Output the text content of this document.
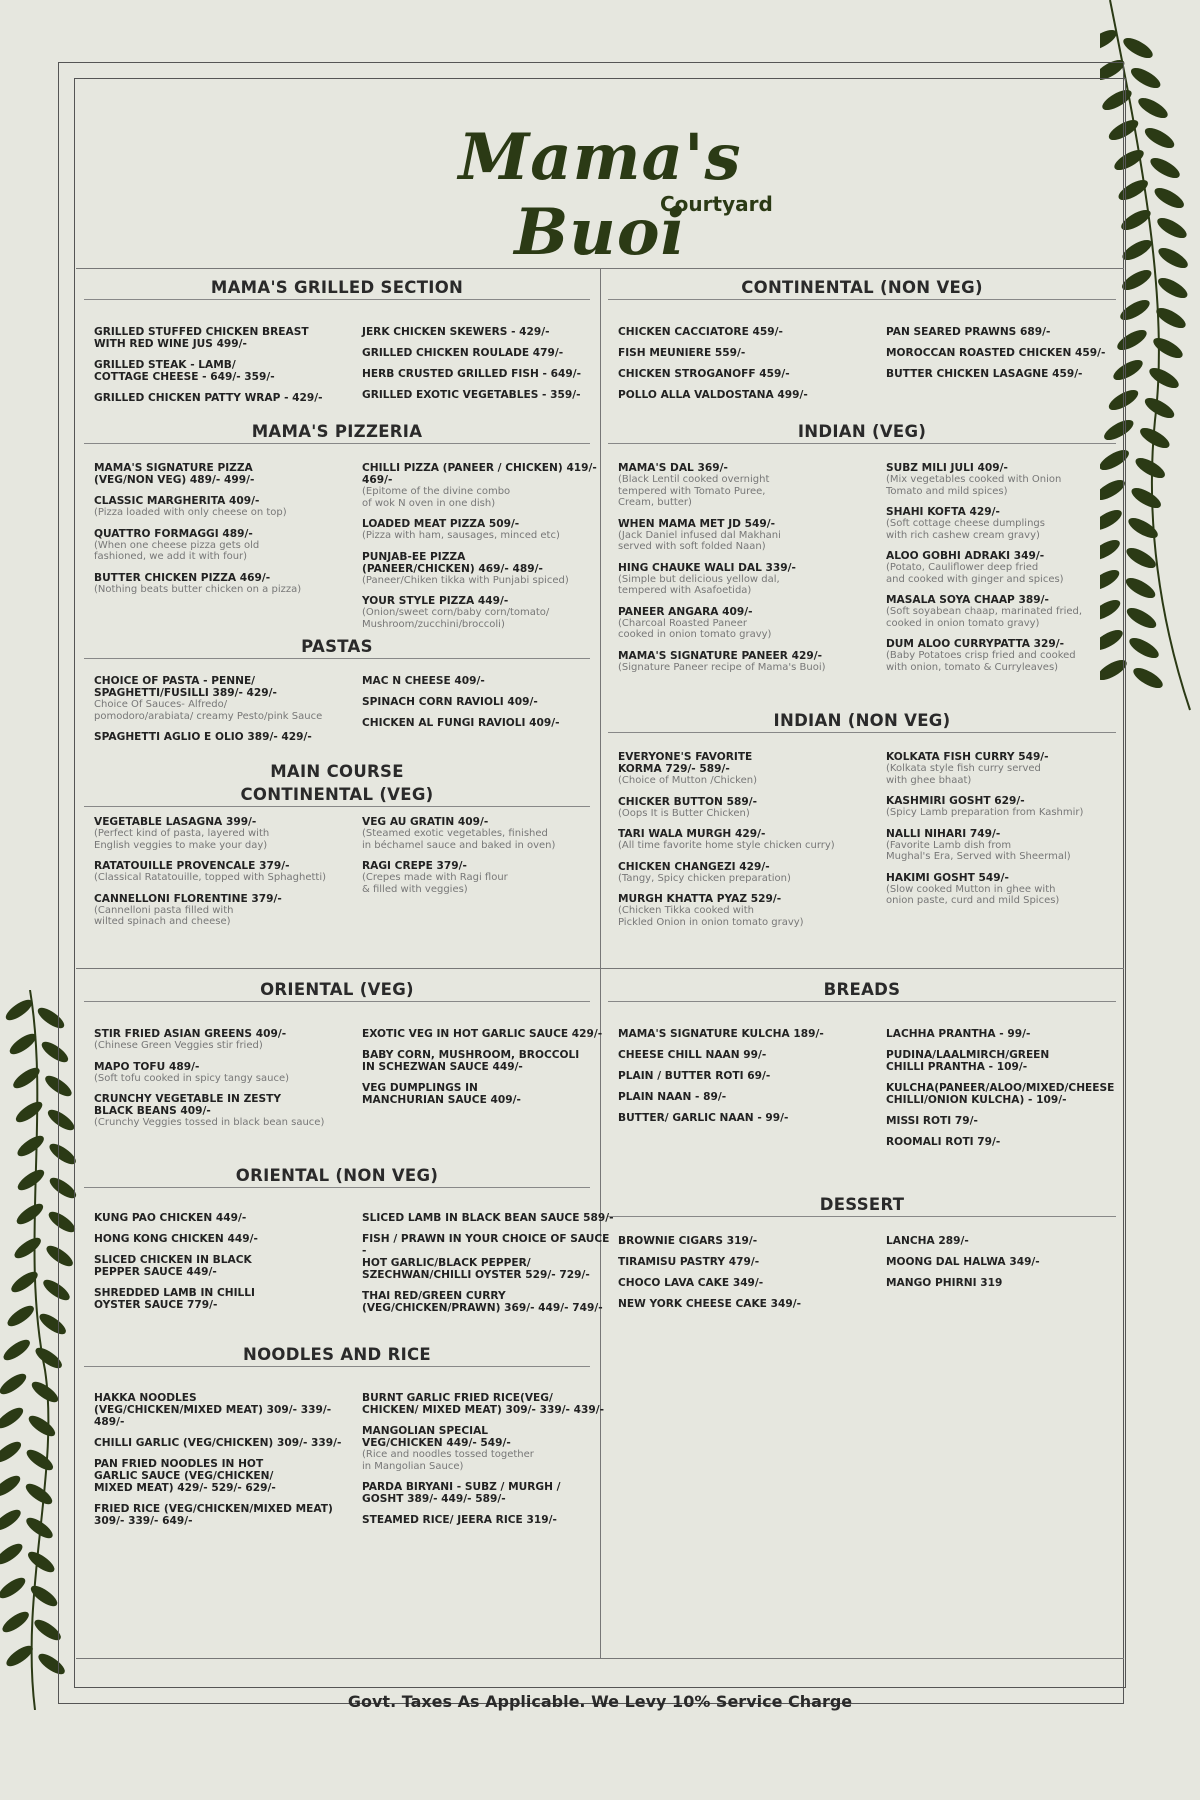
Mama's Buoi
Courtyard
MAMA'S GRILLED SECTION
GRILLED STUFFED CHICKEN BREAST
WITH RED WINE JUS 499/-
GRILLED STEAK - LAMB/
COTTAGE CHEESE - 649/- 359/-
GRILLED CHICKEN PATTY WRAP - 429/-
JERK CHICKEN SKEWERS - 429/-
GRILLED CHICKEN ROULADE 479/-
HERB CRUSTED GRILLED FISH - 649/-
GRILLED EXOTIC VEGETABLES - 359/-
MAMA'S PIZZERIA
MAMA'S SIGNATURE PIZZA
(VEG/NON VEG) 489/- 499/-
CLASSIC MARGHERITA 409/-
(Pizza loaded with only cheese on top)
QUATTRO FORMAGGI 489/-
(When one cheese pizza gets old
fashioned, we add it with four)
BUTTER CHICKEN PIZZA 469/-
(Nothing beats butter chicken on a pizza)
CHILLI PIZZA (PANEER / CHICKEN) 419/- 469/-
(Epitome of the divine combo
of wok N oven in one dish)
LOADED MEAT PIZZA 509/-
(Pizza with ham, sausages, minced etc)
PUNJAB-EE PIZZA
(PANEER/CHICKEN) 469/- 489/-
(Paneer/Chiken tikka with Punjabi spiced)
YOUR STYLE PIZZA 449/-
(Onion/sweet corn/baby corn/tomato/
Mushroom/zucchini/broccoli)
PASTAS
CHOICE OF PASTA - PENNE/
SPAGHETTI/FUSILLI 389/- 429/-
Choice Of Sauces- Alfredo/
pomodoro/arabiata/ creamy Pesto/pink Sauce
SPAGHETTI AGLIO E OLIO 389/- 429/-
MAC N CHEESE 409/-
SPINACH CORN RAVIOLI 409/-
CHICKEN AL FUNGI RAVIOLI 409/-
MAIN COURSE
CONTINENTAL (VEG)
VEGETABLE LASAGNA 399/-
(Perfect kind of pasta, layered with
English veggies to make your day)
RATATOUILLE PROVENCALE 379/-
(Classical Ratatouille, topped with Sphaghetti)
CANNELLONI FLORENTINE 379/-
(Cannelloni pasta filled with
wilted spinach and cheese)
VEG AU GRATIN 409/-
(Steamed exotic vegetables, finished
in béchamel sauce and baked in oven)
RAGI CREPE 379/-
(Crepes made with Ragi flour
& filled with veggies)
CONTINENTAL (NON VEG)
CHICKEN CACCIATORE 459/-
FISH MEUNIERE 559/-
CHICKEN STROGANOFF 459/-
POLLO ALLA VALDOSTANA 499/-
PAN SEARED PRAWNS 689/-
MOROCCAN ROASTED CHICKEN 459/-
BUTTER CHICKEN LASAGNE 459/-
INDIAN (VEG)
MAMA'S DAL 369/-
(Black Lentil cooked overnight
tempered with Tomato Puree,
Cream, butter)
WHEN MAMA MET JD 549/-
(Jack Daniel infused dal Makhani
served with soft folded Naan)
HING CHAUKE WALI DAL 339/-
(Simple but delicious yellow dal,
tempered with Asafoetida)
PANEER ANGARA 409/-
(Charcoal Roasted Paneer
cooked in onion tomato gravy)
MAMA'S SIGNATURE PANEER 429/-
(Signature Paneer recipe of Mama's Buoi)
SUBZ MILI JULI 409/-
(Mix vegetables cooked with Onion
Tomato and mild spices)
SHAHI KOFTA 429/-
(Soft cottage cheese dumplings
with rich cashew cream gravy)
ALOO GOBHI ADRAKI 349/-
(Potato, Cauliflower deep fried
and cooked with ginger and spices)
MASALA SOYA CHAAP 389/-
(Soft soyabean chaap, marinated fried,
cooked in onion tomato gravy)
DUM ALOO CURRYPATTA 329/-
(Baby Potatoes crisp fried and cooked
with onion, tomato & Curryleaves)
INDIAN (NON VEG)
EVERYONE'S FAVORITE
KORMA 729/- 589/-
(Choice of Mutton /Chicken)
CHICKER BUTTON 589/-
(Oops It is Butter Chicken)
TARI WALA MURGH 429/-
(All time favorite home style chicken curry)
CHICKEN CHANGEZI 429/-
(Tangy, Spicy chicken preparation)
MURGH KHATTA PYAZ 529/-
(Chicken Tikka cooked with
Pickled Onion in onion tomato gravy)
KOLKATA FISH CURRY 549/-
(Kolkata style fish curry served
with ghee bhaat)
KASHMIRI GOSHT 629/-
(Spicy Lamb preparation from Kashmir)
NALLI NIHARI 749/-
(Favorite Lamb dish from
Mughal's Era, Served with Sheermal)
HAKIMI GOSHT 549/-
(Slow cooked Mutton in ghee with
onion paste, curd and mild Spices)
ORIENTAL (VEG)
STIR FRIED ASIAN GREENS 409/-
(Chinese Green Veggies stir fried)
MAPO TOFU 489/-
(Soft tofu cooked in spicy tangy sauce)
CRUNCHY VEGETABLE IN ZESTY
BLACK BEANS 409/-
(Crunchy Veggies tossed in black bean sauce)
EXOTIC VEG IN HOT GARLIC SAUCE 429/-
BABY CORN, MUSHROOM, BROCCOLI
IN SCHEZWAN SAUCE 449/-
VEG DUMPLINGS IN
MANCHURIAN SAUCE 409/-
ORIENTAL (NON VEG)
KUNG PAO CHICKEN 449/-
HONG KONG CHICKEN 449/-
SLICED CHICKEN IN BLACK
PEPPER SAUCE 449/-
SHREDDED LAMB IN CHILLI
OYSTER SAUCE 779/-
SLICED LAMB IN BLACK BEAN SAUCE 589/-
FISH / PRAWN IN YOUR CHOICE OF SAUCE -
HOT GARLIC/BLACK PEPPER/
SZECHWAN/CHILLI OYSTER 529/- 729/-
THAI RED/GREEN CURRY
(VEG/CHICKEN/PRAWN) 369/- 449/- 749/-
NOODLES AND RICE
HAKKA NOODLES
(VEG/CHICKEN/MIXED MEAT) 309/- 339/- 489/-
CHILLI GARLIC (VEG/CHICKEN) 309/- 339/-
PAN FRIED NOODLES IN HOT
GARLIC SAUCE (VEG/CHICKEN/
MIXED MEAT) 429/- 529/- 629/-
FRIED RICE (VEG/CHICKEN/MIXED MEAT)
309/- 339/- 649/-
BURNT GARLIC FRIED RICE(VEG/
CHICKEN/ MIXED MEAT) 309/- 339/- 439/-
MANGOLIAN SPECIAL
VEG/CHICKEN 449/- 549/-
(Rice and noodles tossed together
in Mangolian Sauce)
PARDA BIRYANI - SUBZ / MURGH /
GOSHT 389/- 449/- 589/-
STEAMED RICE/ JEERA RICE 319/-
BREADS
MAMA'S SIGNATURE KULCHA 189/-
CHEESE CHILL NAAN 99/-
PLAIN / BUTTER ROTI 69/-
PLAIN NAAN - 89/-
BUTTER/ GARLIC NAAN - 99/-
LACHHA PRANTHA - 99/-
PUDINA/LAALMIRCH/GREEN
CHILLI PRANTHA - 109/-
KULCHA(PANEER/ALOO/MIXED/CHEESE
CHILLI/ONION KULCHA) - 109/-
MISSI ROTI 79/-
ROOMALI ROTI 79/-
DESSERT
BROWNIE CIGARS 319/-
TIRAMISU PASTRY 479/-
CHOCO LAVA CAKE 349/-
NEW YORK CHEESE CAKE 349/-
LANCHA 289/-
MOONG DAL HALWA 349/-
MANGO PHIRNI 319
Govt. Taxes As Applicable. We Levy 10% Service Charge
